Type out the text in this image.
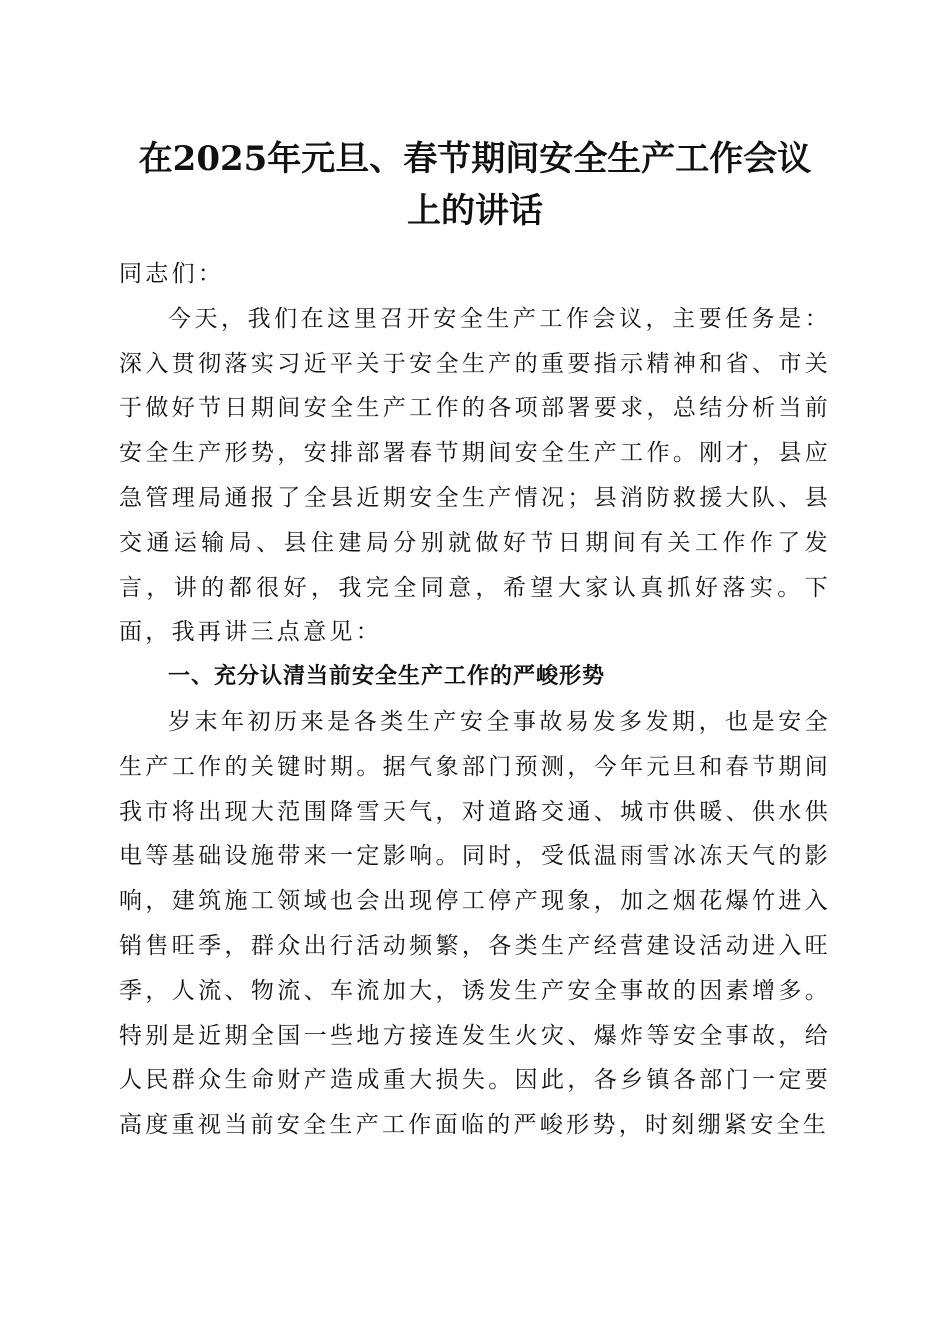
在2025年元旦、春节期间安全生产工作会议
上的讲话

同志们：

今天，我们在这里召开安全生产工作会议，主要任务是：深入贯彻落实习近平关于安全生产的重要指示精神和省、市关于做好节日期间安全生产工作的各项部署要求，总结分析当前安全生产形势，安排部署春节期间安全生产工作。刚才，县应急管理局通报了全县近期安全生产情况；县消防救援大队、县交通运输局、县住建局分别就做好节日期间有关工作作了发言，讲的都很好，我完全同意，希望大家认真抓好落实。下面，我再讲三点意见：

一、充分认清当前安全生产工作的严峻形势

岁末年初历来是各类生产安全事故易发多发期，也是安全生产工作的关键时期。据气象部门预测，今年元旦和春节期间我市将出现大范围降雪天气，对道路交通、城市供暖、供水供电等基础设施带来一定影响。同时，受低温雨雪冰冻天气的影响，建筑施工领域也会出现停工停产现象，加之烟花爆竹进入销售旺季，群众出行活动频繁，各类生产经营建设活动进入旺季，人流、物流、车流加大，诱发生产安全事故的因素增多。特别是近期全国一些地方接连发生火灾、爆炸等安全事故，给人民群众生命财产造成重大损失。因此，各乡镇各部门一定要高度重视当前安全生产工作面临的严峻形势，时刻绷紧安全生
